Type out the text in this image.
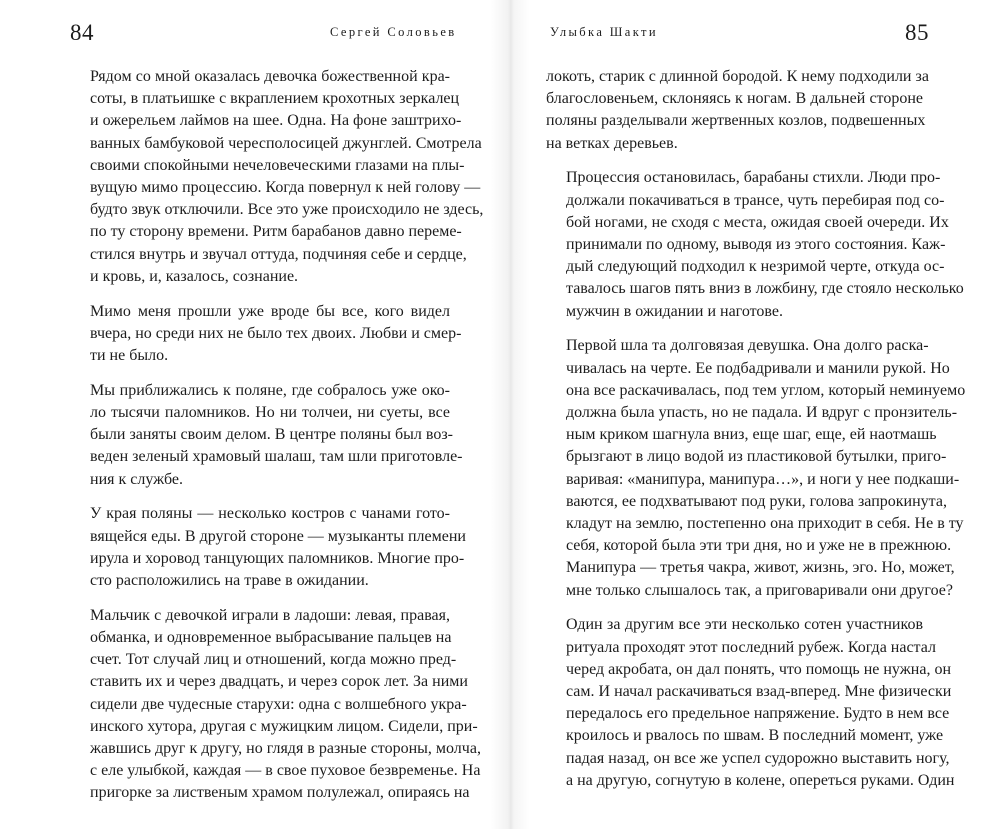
84	Сергей Соловьев

Рядом со мной оказалась девочка божественной кра-
соты, в платьишке с вкраплением крохотных зеркалец
и ожерельем лаймов на шее. Одна. На фоне заштрихо-
ванных бамбуковой чересполосицей джунглей. Смотрела
своими спокойными нечеловеческими глазами на плы-
вущую мимо процессию. Когда повернул к ней голову —
будто звук отключили. Все это уже происходило не здесь,
по ту сторону времени. Ритм барабанов давно переме-
стился внутрь и звучал оттуда, подчиняя себе и сердце,
и кровь, и, казалось, сознание.

Мимо меня прошли уже вроде бы все, кого видел
вчера, но среди них не было тех двоих. Любви и смер-
ти не было.

Мы приближались к поляне, где собралось уже око-
ло тысячи паломников. Но ни толчеи, ни суеты, все
были заняты своим делом. В центре поляны был воз-
веден зеленый храмовый шалаш, там шли приготовле-
ния к службе.

У края поляны — несколько костров с чанами гото-
вящейся еды. В другой стороне — музыканты племени
ирула и хоровод танцующих паломников. Многие про-
сто расположились на траве в ожидании.

Мальчик с девочкой играли в ладоши: левая, правая,
обманка, и одновременное выбрасывание пальцев на
счет. Тот случай лиц и отношений, когда можно пред-
ставить их и через двадцать, и через сорок лет. За ними
сидели две чудесные старухи: одна с волшебного укра-
инского хутора, другая с мужицким лицом. Сидели, при-
жавшись друг к другу, но глядя в разные стороны, молча,
с еле улыбкой, каждая — в свое пуховое безвременье. На
пригорке за лиственым храмом полулежал, опираясь на

85
Улыбка Шакти

локоть, старик с длинной бородой. К нему подходили за
благословеньем, склоняясь к ногам. В дальней стороне
поляны разделывали жертвенных козлов, подвешенных
на ветках деревьев.

Процессия остановилась, барабаны стихли. Люди про-
должали покачиваться в трансе, чуть перебирая под со-
бой ногами, не сходя с места, ожидая своей очереди. Их
принимали по одному, выводя из этого состояния. Каж-
дый следующий подходил к незримой черте, откуда ос-
тавалось шагов пять вниз в ложбину, где стояло несколько
мужчин в ожидании и наготове.

Первой шла та долговязая девушка. Она долго раска-
чивалась на черте. Ее подбадривали и манили рукой. Но
она все раскачивалась, под тем углом, который неминуемо
должна была упасть, но не падала. И вдруг с пронзитель-
ным криком шагнула вниз, еще шаг, еще, ей наотмашь
брызгают в лицо водой из пластиковой бутылки, приго-
варивая: «манипура, манипура…», и ноги у нее подкаши-
ваются, ее подхватывают под руки, голова запрокинута,
кладут на землю, постепенно она приходит в себя. Не в ту
себя, которой была эти три дня, но и уже не в прежнюю.
Манипура — третья чакра, живот, жизнь, эго. Но, может,
мне только слышалось так, а приговаривали они другое?

Один за другим все эти несколько сотен участников
ритуала проходят этот последний рубеж. Когда настал
черед акробата, он дал понять, что помощь не нужна, он
сам. И начал раскачиваться взад-вперед. Мне физически
передалось его предельное напряжение. Будто в нем все
кроилось и рвалось по швам. В последний момент, уже
падая назад, он все же успел судорожно выставить ногу,
а на другую, согнутую в колене, опереться руками. Один
